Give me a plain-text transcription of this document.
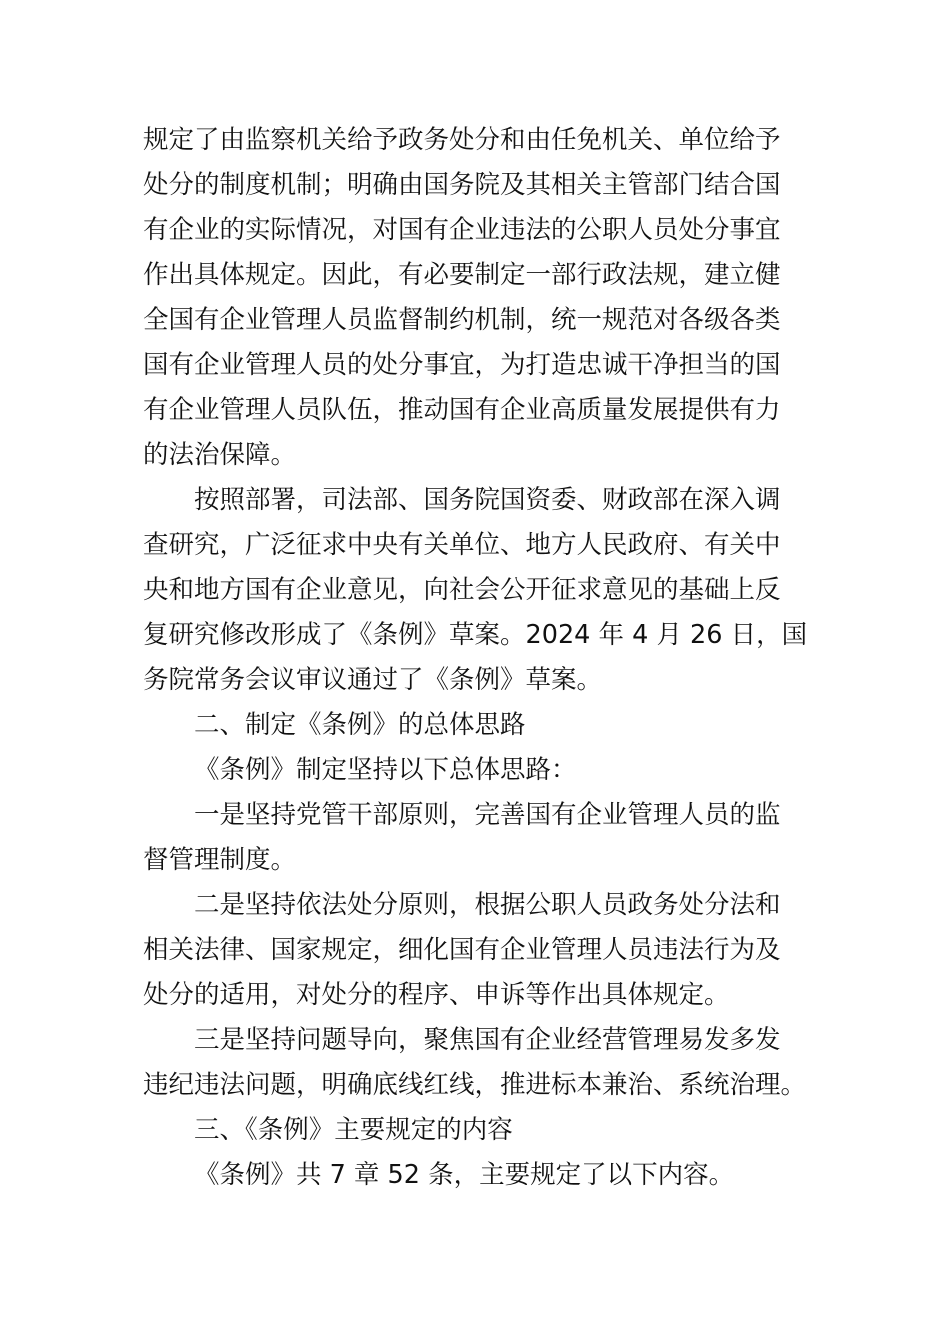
规定了由监察机关给予政务处分和由任免机关、单位给予
处分的制度机制；明确由国务院及其相关主管部门结合国
有企业的实际情况，对国有企业违法的公职人员处分事宜
作出具体规定。因此，有必要制定一部行政法规，建立健
全国有企业管理人员监督制约机制，统一规范对各级各类
国有企业管理人员的处分事宜，为打造忠诚干净担当的国
有企业管理人员队伍，推动国有企业高质量发展提供有力
的法治保障。

按照部署，司法部、国务院国资委、财政部在深入调
查研究，广泛征求中央有关单位、地方人民政府、有关中
央和地方国有企业意见，向社会公开征求意见的基础上反
复研究修改形成了《条例》草案。2024 年 4 月 26 日，国
务院常务会议审议通过了《条例》草案。

二、制定《条例》的总体思路

《条例》制定坚持以下总体思路：

一是坚持党管干部原则，完善国有企业管理人员的监
督管理制度。

二是坚持依法处分原则，根据公职人员政务处分法和
相关法律、国家规定，细化国有企业管理人员违法行为及
处分的适用，对处分的程序、申诉等作出具体规定。

三是坚持问题导向，聚焦国有企业经营管理易发多发
违纪违法问题，明确底线红线，推进标本兼治、系统治理。

三、《条例》主要规定的内容

《条例》共 7 章 52 条，主要规定了以下内容。
